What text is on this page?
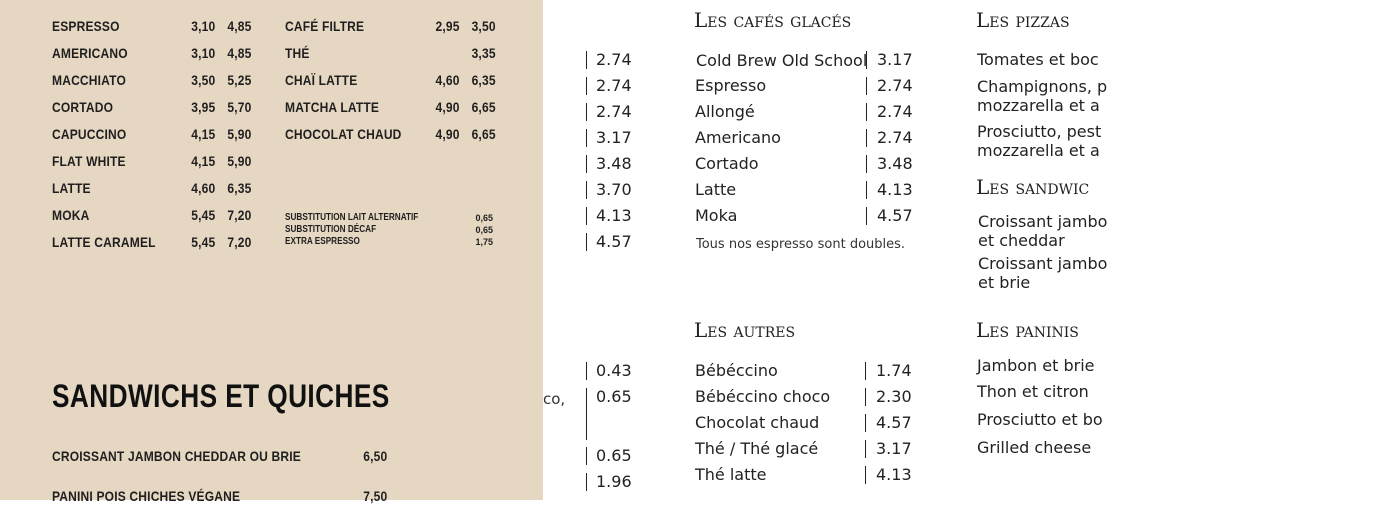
ESPRESSO	3,10 4,85
AMERICANO	3,10 4,85
MACCHIATO	3,50 5,25
CORTADO	3,95 5,70
CAPUCCINO	4,15 5,90
FLAT WHITE	4,15 5,90
LATTE	4,60 6,35
MOKA	5,45 7,20
LATTE CARAMEL	5,45 7,20
CAFÉ FILTRE	2,95 3,50
THÉ	3,35
CHAÏ LATTE	4,60 6,35
MATCHA LATTE	4,90 6,65
CHOCOLAT CHAUD	4,90 6,65
SUBSTITUTION LAIT ALTERNATIF	0,65
SUBSTITUTION DÉCAF	0,65
EXTRA ESPRESSO	1,75
SANDWICHS ET QUICHES
CROISSANT JAMBON CHEDDAR OU BRIE	6,50
PANINI POIS CHICHES VÉGANE	7,50
2.74
2.74
2.74
3.17
3.48
3.70
4.13
4.57
0.43
co, 0.65
0.65
1.96
Les cafés glacés
Cold Brew Old School 3.17
Espresso	2.74
Allongé	2.74
Americano	2.74
Cortado	3.48
Latte	4.13
Moka	4.57
Tous nos espresso sont doubles.
Les autres
Bébéccino	1.74
Bébéccino choco	2.30
Chocolat chaud	4.57
Thé / Thé glacé	3.17
Thé latte	4.13
Les pizzas
Tomates et boc
Champignons, p
mozzarella et a
Prosciutto, pest
mozzarella et a
Les sandwic
Croissant jambo
et cheddar
Croissant jambo
et brie
Les paninis
Jambon et brie
Thon et citron
Prosciutto et bo
Grilled cheese
